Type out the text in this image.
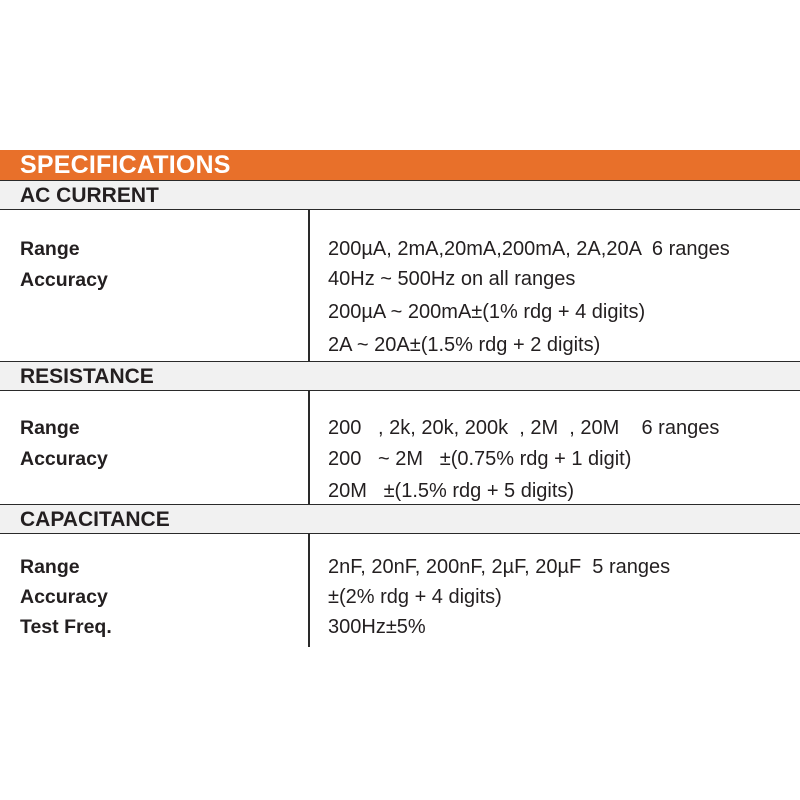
SPECIFICATIONS
AC CURRENT
Range	200µA, 2mA,20mA,200mA, 2A,20A  6 ranges
Accuracy	40Hz ~ 500Hz on all ranges
200µA ~ 200mA±(1% rdg + 4 digits)
2A ~ 20A±(1.5% rdg + 2 digits)
RESISTANCE
Range	200   , 2k, 20k, 200k  , 2M  , 20M    6 ranges
Accuracy	200   ~ 2M   ±(0.75% rdg + 1 digit)
20M   ±(1.5% rdg + 5 digits)
CAPACITANCE
Range	2nF, 20nF, 200nF, 2µF, 20µF  5 ranges
Accuracy	±(2% rdg + 4 digits)
Test Freq.	300Hz±5%
